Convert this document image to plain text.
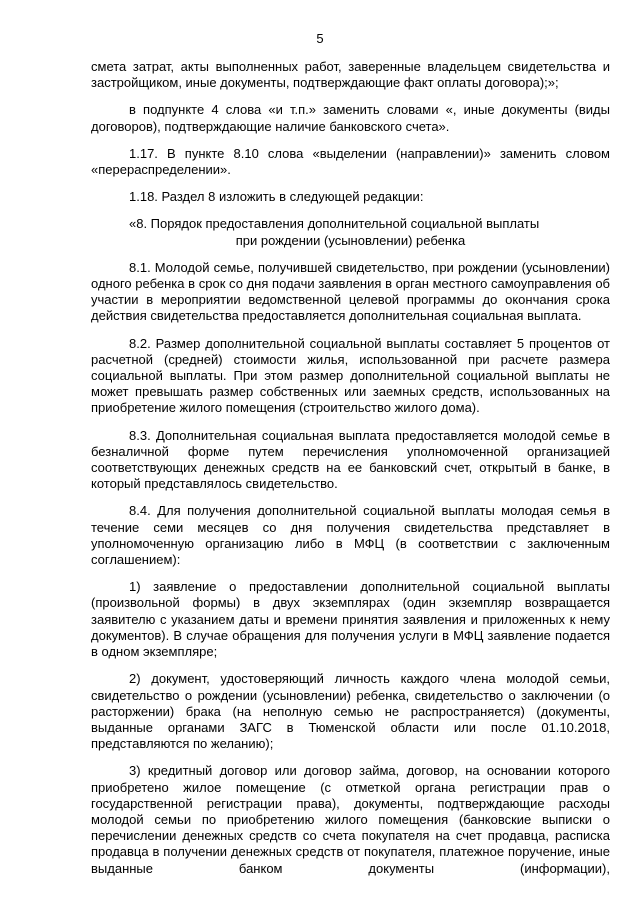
5

смета затрат, акты выполненных работ, заверенные владельцем свидетельства и застройщиком, иные документы, подтверждающие факт оплаты договора);»;

в подпункте 4 слова «и т.п.» заменить словами «, иные документы (виды договоров), подтверждающие наличие банковского счета».

1.17. В пункте 8.10 слова «выделении (направлении)» заменить словом «перераспределении».

1.18. Раздел 8 изложить в следующей редакции:

«8. Порядок предоставления дополнительной социальной выплаты
при рождении (усыновлении) ребенка

8.1. Молодой семье, получившей свидетельство, при рождении (усыновлении) одного ребенка в срок со дня подачи заявления в орган местного самоуправления об участии в мероприятии ведомственной целевой программы до окончания срока действия свидетельства предоставляется дополнительная социальная выплата.

8.2. Размер дополнительной социальной выплаты составляет 5 процентов от расчетной (средней) стоимости жилья, использованной при расчете размера социальной выплаты. При этом размер дополнительной социальной выплаты не может превышать размер собственных или заемных средств, использованных на приобретение жилого помещения (строительство жилого дома).

8.3. Дополнительная социальная выплата предоставляется молодой семье в безналичной форме путем перечисления уполномоченной организацией соответствующих денежных средств на ее банковский счет, открытый в банке, в который представлялось свидетельство.

8.4. Для получения дополнительной социальной выплаты молодая семья в течение семи месяцев со дня получения свидетельства представляет в уполномоченную организацию либо в МФЦ (в соответствии с заключенным соглашением):

1) заявление о предоставлении дополнительной социальной выплаты (произвольной формы) в двух экземплярах (один экземпляр возвращается заявителю с указанием даты и времени принятия заявления и приложенных к нему документов). В случае обращения для получения услуги в МФЦ заявление подается в одном экземпляре;

2) документ, удостоверяющий личность каждого члена молодой семьи, свидетельство о рождении (усыновлении) ребенка, свидетельство о заключении (о расторжении) брака (на неполную семью не распространяется) (документы, выданные органами ЗАГС в Тюменской области или после 01.10.2018, представляются по желанию);

3) кредитный договор или договор займа, договор, на основании которого приобретено жилое помещение (с отметкой органа регистрации прав о государственной регистрации права), документы, подтверждающие расходы молодой семьи по приобретению жилого помещения (банковские выписки о перечислении денежных средств со счета покупателя на счет продавца, расписка продавца в получении денежных средств от покупателя, платежное поручение, иные выданные банком документы (информации),
